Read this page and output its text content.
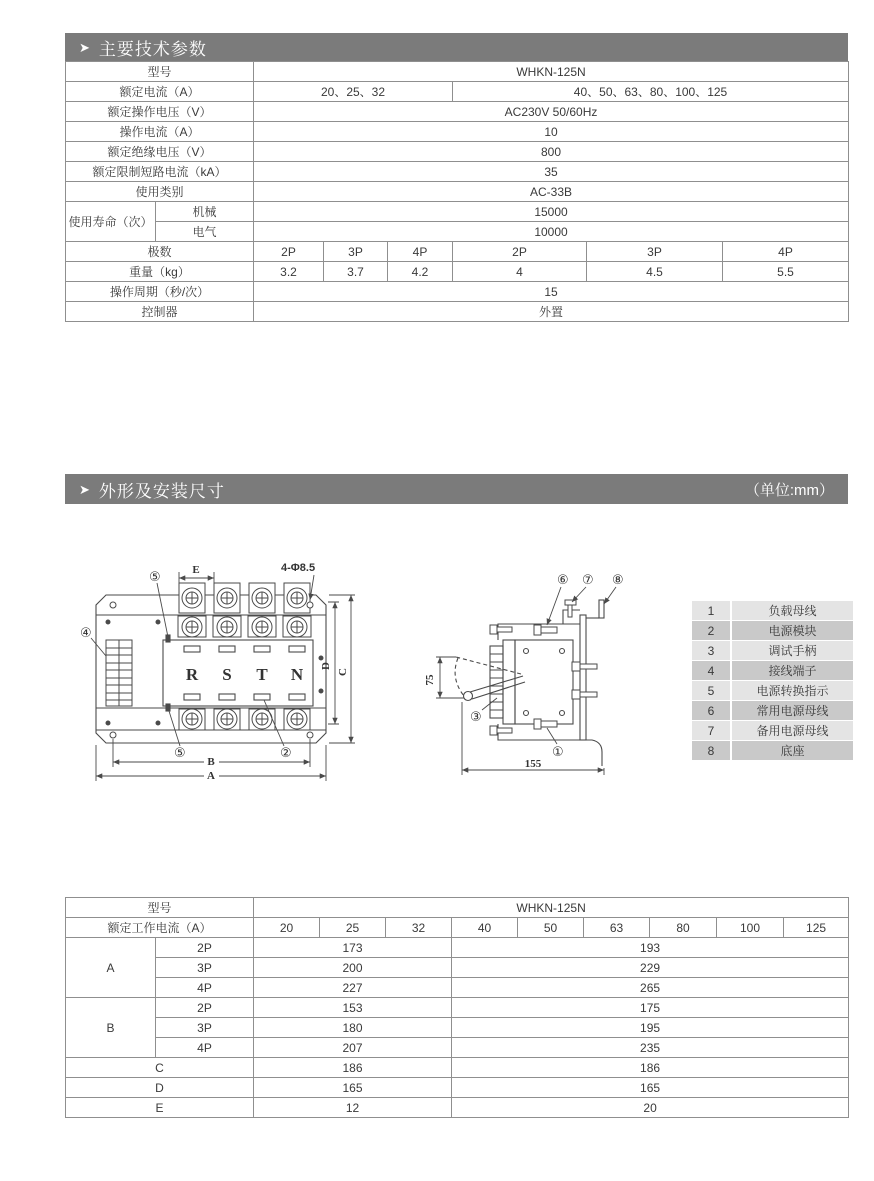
➤ 主要技术参数
型号		WHKN-125N					
额定电流（A）		20、25、32			40、50、63、80、100、125		
额定操作电压（V）		AC230V 50/60Hz					
操作电流（A）		10					
额定绝缘电压（V）		800					
额定限制短路电流（kA）		35					
使用类别		AC-33B					
使用寿命（次）	机械	15000					
	电气	10000					
极数		2P	3P	4P	2P	3P	4P
重量（kg）		3.2	3.7	4.2	4	4.5	5.5
操作周期（秒/次）		15					
控制器		外置					
➤ 外形及安装尺寸	（单位:mm）
R S T N
E	4-Φ8.5
B
A
D
C
⑤
④
⑤	②
75
155
⑥ ⑦ ⑧
③
①
1	负载母线
2	电源模块
3	调试手柄
4	接线端子
5	电源转换指示
6	常用电源母线
7	备用电源母线
8	底座
型号		WHKN-125N								
额定工作电流（A）		20	25	32	40	50	63	80	100	125
A	2P	173			193					
	3P	200			229					
	4P	227			265					
B	2P	153			175					
	3P	180			195					
	4P	207			235					
C		186			186					
D		165			165					
E		12			20					
